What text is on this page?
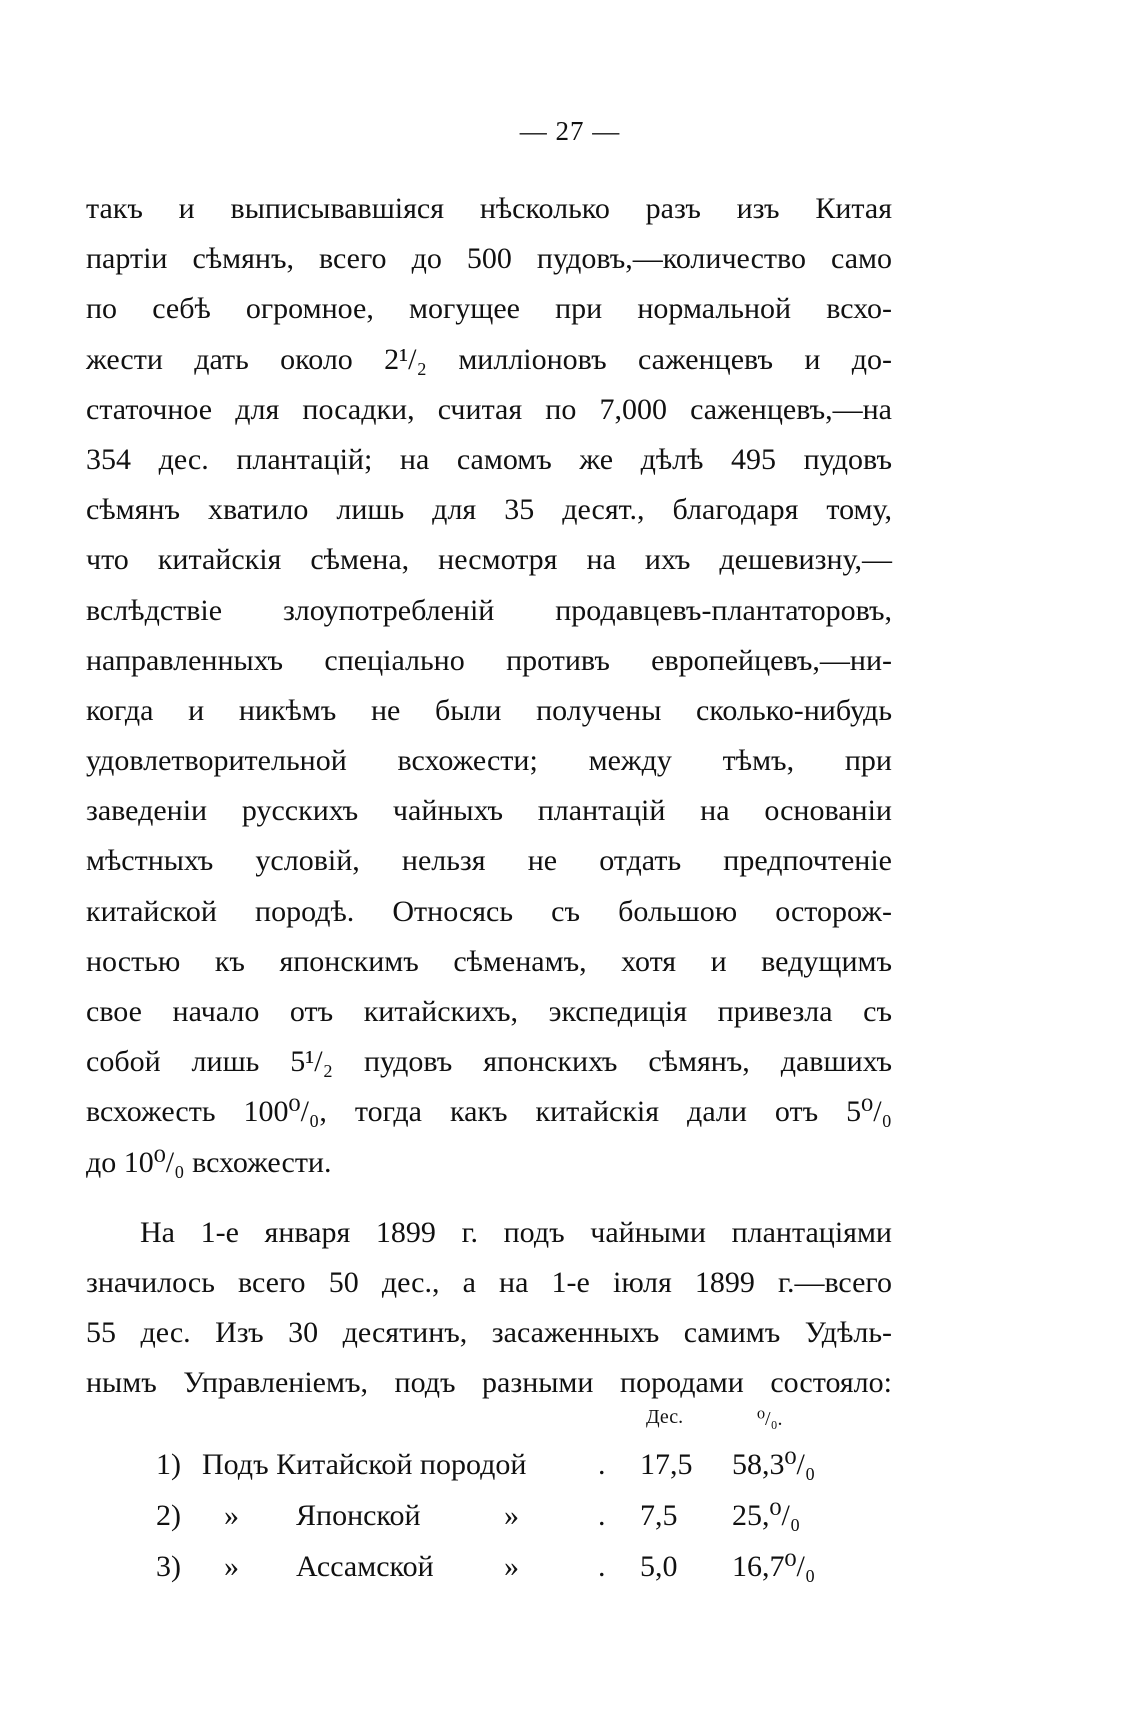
— 27 —
такъ и выписывавшіяся нѣсколько разъ изъ Китая
партіи сѣмянъ, всего до 500 пудовъ,—количество само
по себѣ огромное, могущее при нормальной всхо-
жести дать около 2¹/₂ милліоновъ саженцевъ и до-
статочное для посадки, считая по 7,000 саженцевъ,—на
354 дес. плантацій; на самомъ же дѣлѣ 495 пудовъ
сѣмянъ хватило лишь для 35 десят., благодаря тому,
что китайскія сѣмена, несмотря на ихъ дешевизну,—
вслѣдствіе злоупотребленій продавцевъ-плантаторовъ,
направленныхъ спеціально противъ европейцевъ,—ни-
когда и никѣмъ не были получены сколько-нибудь
удовлетворительной всхожести; между тѣмъ, при
заведеніи русскихъ чайныхъ плантацій на основаніи
мѣстныхъ условій, нельзя не отдать предпочтеніе
китайской породѣ. Относясь съ большою осторож-
ностью къ японскимъ сѣменамъ, хотя и ведущимъ
свое начало отъ китайскихъ, экспедиція привезла съ
собой лишь 5¹/₂ пудовъ японскихъ сѣмянъ, давшихъ
всхожесть 100⁰/₀, тогда какъ китайскія дали отъ 5⁰/₀
до 10⁰/₀ всхожести.
На 1-е января 1899 г. подъ чайными плантаціями
значилось всего 50 дес., а на 1-е іюля 1899 г.—всего
55 дес. Изъ 30 десятинъ, засаженныхъ самимъ Удѣль-
нымъ Управленіемъ, подъ разными породами состояло:
Дес.	⁰/₀.
1) Подъ Китайской породой . 17,5 58,3⁰/₀
2) » Японской	»	. 7,5 25,⁰/₀
3) » Ассамской »	. 5,0 16,7⁰/₀
